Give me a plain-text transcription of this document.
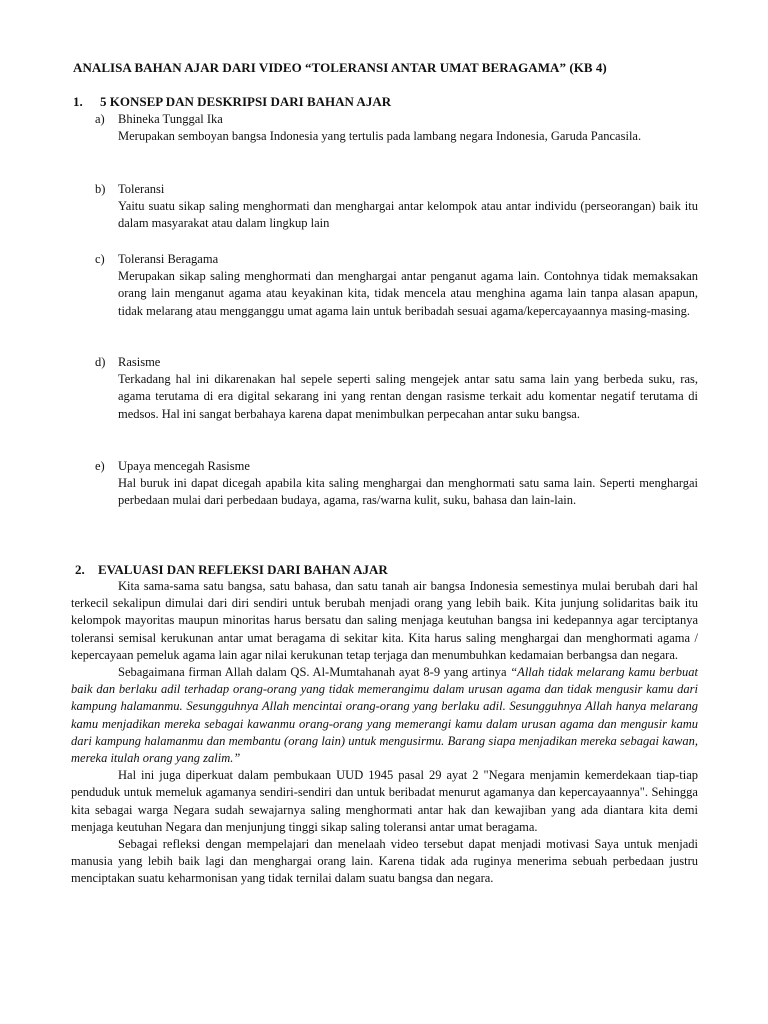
ANALISA BAHAN AJAR DARI VIDEO “TOLERANSI ANTAR UMAT BERAGAMA” (KB 4)
1. 5 KONSEP DAN DESKRIPSI DARI BAHAN AJAR
a) Bhineka Tunggal Ika
Merupakan semboyan bangsa Indonesia yang tertulis pada lambang negara Indonesia, Garuda Pancasila.
b) Toleransi
Yaitu suatu sikap saling menghormati dan menghargai antar kelompok atau antar individu (perseorangan) baik itu dalam masyarakat atau dalam lingkup lain
c) Toleransi Beragama
Merupakan sikap saling menghormati dan menghargai antar penganut agama lain. Contohnya tidak memaksakan orang lain menganut agama atau keyakinan kita, tidak mencela atau menghina agama lain tanpa alasan apapun, tidak melarang atau mengganggu umat agama lain untuk beribadah sesuai agama/kepercayaannya masing-masing.
d) Rasisme
Terkadang hal ini dikarenakan hal sepele seperti saling mengejek antar satu sama lain yang berbeda suku, ras, agama terutama di era digital sekarang ini yang rentan dengan rasisme terkait adu komentar negatif terutama di medsos. Hal ini sangat berbahaya karena dapat menimbulkan perpecahan antar suku bangsa.
e) Upaya mencegah Rasisme
Hal buruk ini dapat dicegah apabila kita saling menghargai dan menghormati satu sama lain. Seperti menghargai perbedaan mulai dari perbedaan budaya, agama, ras/warna kulit, suku, bahasa dan lain-lain.
2. EVALUASI DAN REFLEKSI DARI BAHAN AJAR

Kita sama-sama satu bangsa, satu bahasa, dan satu tanah air bangsa Indonesia semestinya mulai berubah dari hal terkecil sekalipun dimulai dari diri sendiri untuk berubah menjadi orang yang lebih baik. Kita junjung solidaritas baik itu kelompok mayoritas maupun minoritas harus bersatu dan saling menjaga keutuhan bangsa ini kedepannya agar terciptanya toleransi semisal kerukunan antar umat beragama di sekitar kita. Kita harus saling menghargai dan menghormati agama / kepercayaan pemeluk agama lain agar nilai kerukunan tetap terjaga dan menumbuhkan kedamaian berbangsa dan negara.

Sebagaimana firman Allah dalam QS. Al-Mumtahanah ayat 8-9 yang artinya “Allah tidak melarang kamu berbuat baik dan berlaku adil terhadap orang-orang yang tidak memerangimu dalam urusan agama dan tidak mengusir kamu dari kampung halamanmu. Sesungguhnya Allah mencintai orang-orang yang berlaku adil. Sesungguhnya Allah hanya melarang kamu menjadikan mereka sebagai kawanmu orang-orang yang memerangi kamu dalam urusan agama dan mengusir kamu dari kampung halamanmu dan membantu (orang lain) untuk mengusirmu. Barang siapa menjadikan mereka sebagai kawan, mereka itulah orang yang zalim.”

Hal ini juga diperkuat dalam pembukaan UUD 1945 pasal 29 ayat 2 "Negara menjamin kemerdekaan tiap-tiap penduduk untuk memeluk agamanya sendiri-sendiri dan untuk beribadat menurut agamanya dan kepercayaannya". Sehingga kita sebagai warga Negara sudah sewajarnya saling menghormati antar hak dan kewajiban yang ada diantara kita demi menjaga keutuhan Negara dan menjunjung tinggi sikap saling toleransi antar umat beragama.

Sebagai refleksi dengan mempelajari dan menelaah video tersebut dapat menjadi motivasi Saya untuk menjadi manusia yang lebih baik lagi dan menghargai orang lain. Karena tidak ada ruginya menerima sebuah perbedaan justru menciptakan suatu keharmonisan yang tidak ternilai dalam suatu bangsa dan negara.
